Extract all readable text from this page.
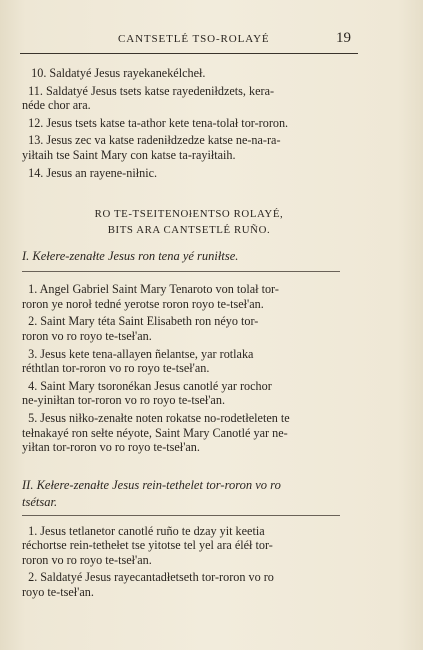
CANTSETLÉ TSO-ROLAYÉ	19

10. Saldatyé Jesus rayekanekélcheł.

11. Saldatyé Jesus tsets katse rayedeniłdzets, kera-
néde chor ara.

12. Jesus tsets katse ta-athor kete tena-tolał tor-roron.

13. Jesus zec va katse radeniłdzedze katse ne-na-ra-
yiłtaih tse Saint Mary con katse ta-rayiłtaih.

14. Jesus an rayene-niłnic.

RO TE-TSEITENOłENTSO ROLAYÉ,

BITS ARA CANTSETLÉ RUÑO.

I. Kełere-zenałte Jesus ron tena yé runiłtse.

1. Angel Gabriel Saint Mary Tenaroto von tolał tor-
roron ye noroł tedné yerotse roron royo te-tseł'an.

2. Saint Mary téta Saint Elisabeth ron néyo tor-
roron vo ro royo te-tseł'an.

3. Jesus kete tena-allayen ñelantse, yar rotlaka
réthtlan tor-roron vo ro royo te-tseł'an.

4. Saint Mary tsoronékan Jesus canotlé yar rochor
ne-yiniłtan tor-roron vo ro royo te-tseł'an.

5. Jesus niłko-zenałte noten rokatse no-rodetłeleten te
tełnakayé ron sełte néyote, Saint Mary Canotlé yar ne-
yiłtan tor-roron vo ro royo te-tseł'an.

II. Kełere-zenałte Jesus rein-tethelet tor-roron vo ro
tsétsar.

1. Jesus tetlanetor canotlé ruño te dzay yit keetia
réchortse rein-tethełet tse yitotse tel yel ara éléł tor-
roron vo ro royo te-tseł'an.

2. Saldatyé Jesus rayecantadłetseth tor-roron vo ro
royo te-tseł'an.
